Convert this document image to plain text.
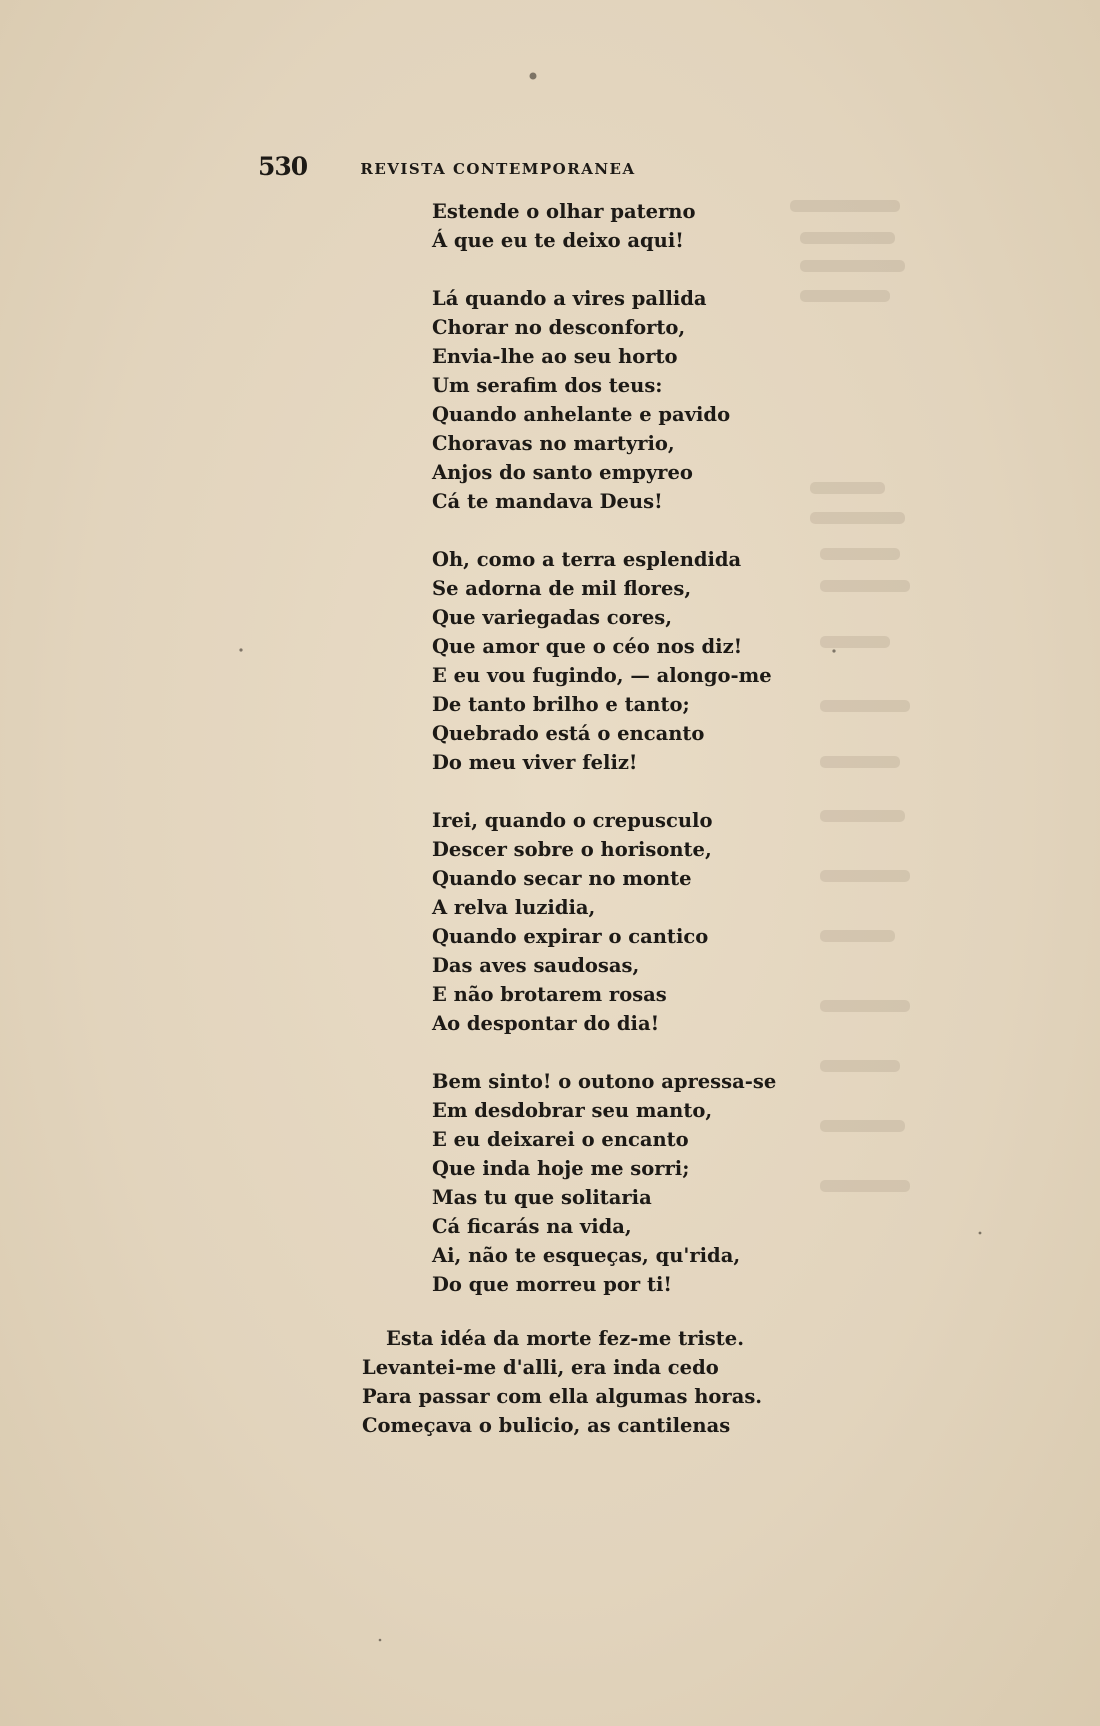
530	REVISTA CONTEMPORANEA
Estende o olhar paterno
Á que eu te deixo aqui!
Lá quando a vires pallida
Chorar no desconforto,
Envia-lhe ao seu horto
Um serafim dos teus:
Quando anhelante e pavido
Choravas no martyrio,
Anjos do santo empyreo
Cá te mandava Deus!
Oh, como a terra esplendida
Se adorna de mil flores,
Que variegadas cores,
Que amor que o céo nos diz!
E eu vou fugindo, — alongo-me
De tanto brilho e tanto;
Quebrado está o encanto
Do meu viver feliz!
Irei, quando o crepusculo
Descer sobre o horisonte,
Quando secar no monte
A relva luzidia,
Quando expirar o cantico
Das aves saudosas,
E não brotarem rosas
Ao despontar do dia!
Bem sinto! o outono apressa-se
Em desdobrar seu manto,
E eu deixarei o encanto
Que inda hoje me sorri;
Mas tu que solitaria
Cá ficarás na vida,
Ai, não te esqueças, qu'rida,
Do que morreu por ti!
Esta idéa da morte fez-me triste.
Levantei-me d'alli, era inda cedo
Para passar com ella algumas horas.
Começava o bulicio, as cantilenas
